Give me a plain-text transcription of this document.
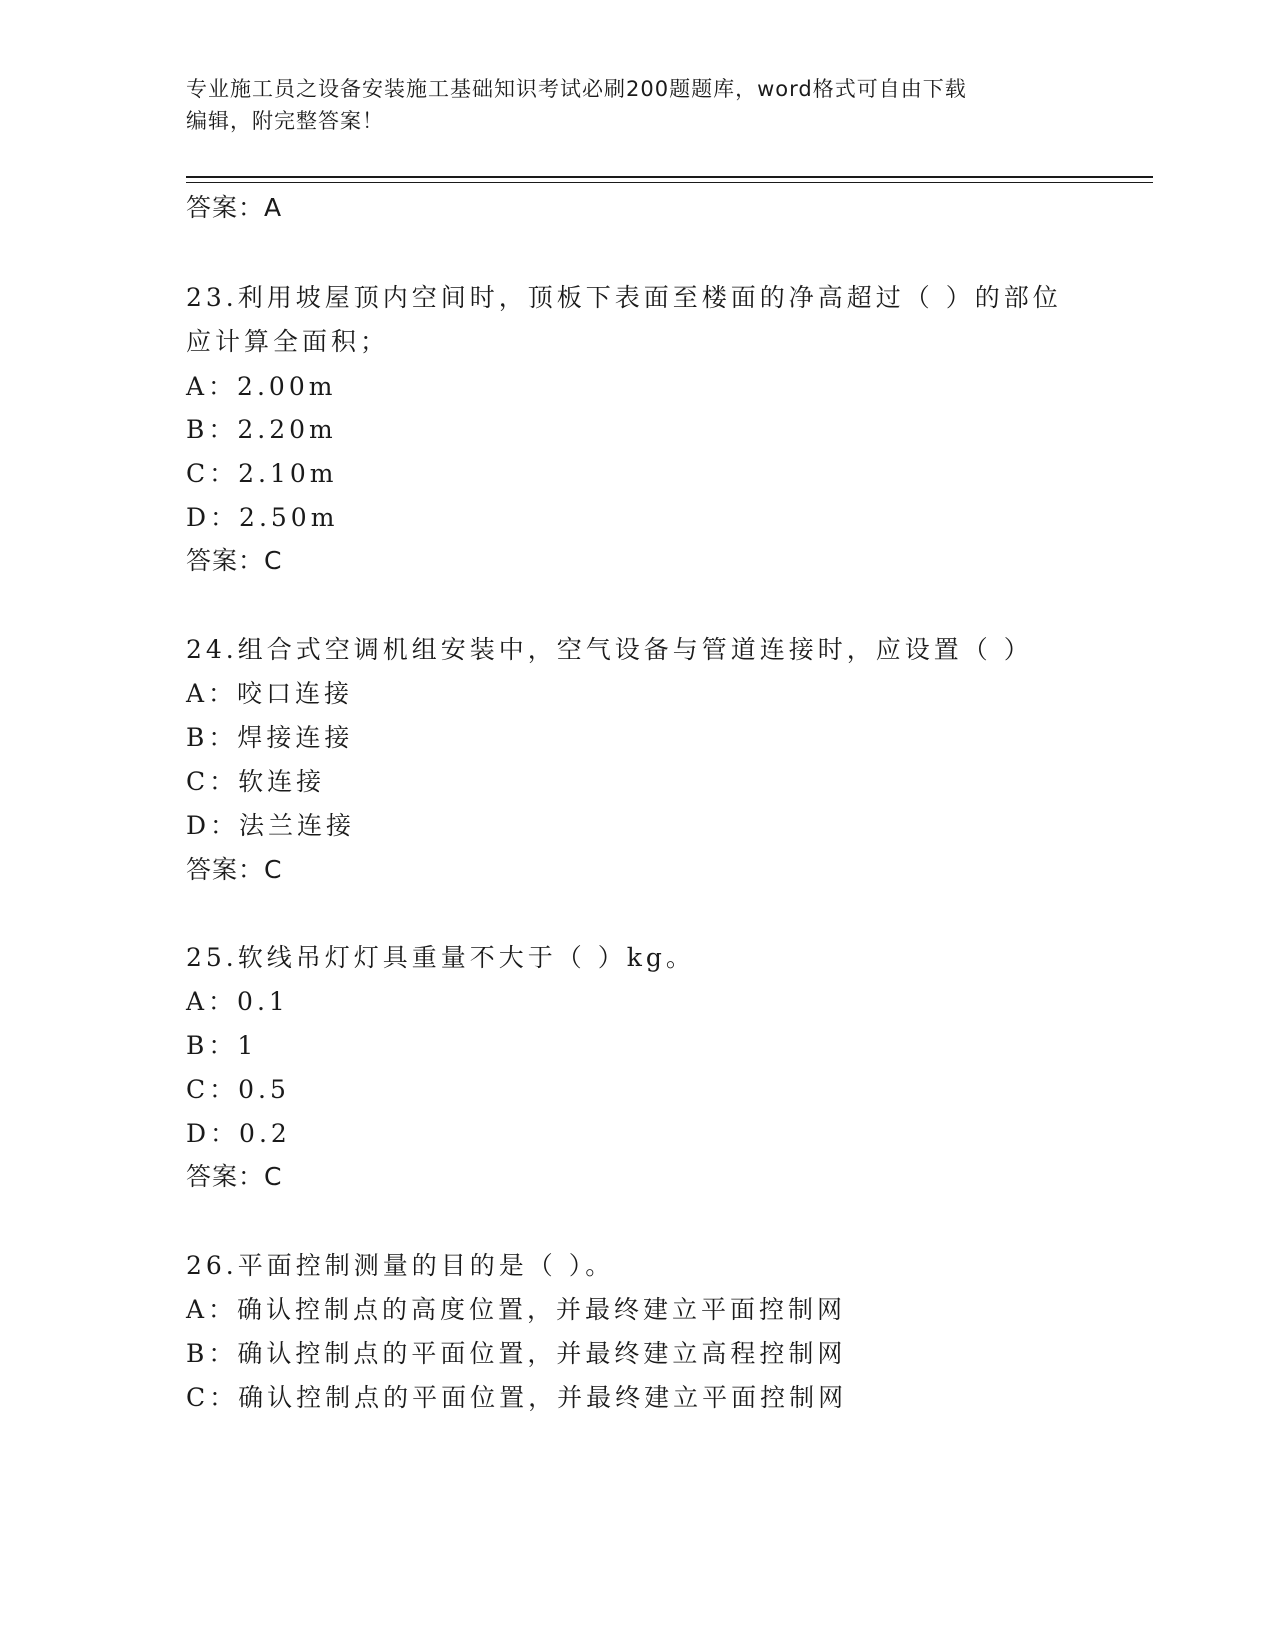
专业施工员之设备安装施工基础知识考试必刷200题题库，word格式可自由下载
编辑，附完整答案！
答案：A
23.利用坡屋顶内空间时，顶板下表面至楼面的净高超过（ ）的部位
应计算全面积；
A：2.00m
B：2.20m
C：2.10m
D：2.50m
答案：C
24.组合式空调机组安装中，空气设备与管道连接时，应设置（ ）
A：咬口连接
B：焊接连接
C：软连接
D：法兰连接
答案：C
25.软线吊灯灯具重量不大于（ ）kg。
A：0.1
B：1
C：0.5
D：0.2
答案：C
26.平面控制测量的目的是（ ）。
A：确认控制点的高度位置，并最终建立平面控制网
B：确认控制点的平面位置，并最终建立高程控制网
C：确认控制点的平面位置，并最终建立平面控制网
